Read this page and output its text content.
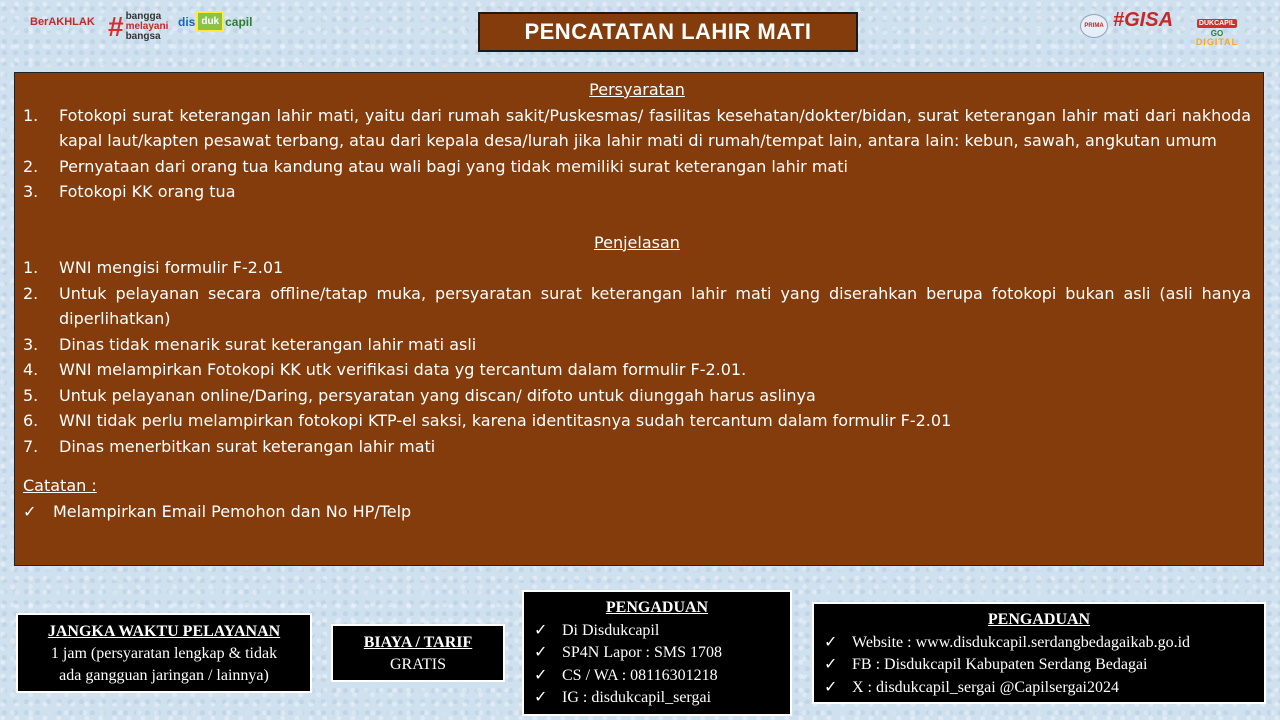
BerAKHLAK # bangga
melayani
bangsa
dis duk capil	PRIMA #GISA	DUKCAPIL
GO
DIGITAL
PENCATATAN LAHIR MATI
Persyaratan
1.	Fotokopi surat keterangan lahir mati, yaitu dari rumah sakit/Puskesmas/ fasilitas kesehatan/dokter/bidan, surat keterangan lahir mati dari nakhoda kapal laut/kapten pesawat terbang, atau dari kepala desa/lurah jika lahir mati di rumah/tempat lain, antara lain: kebun, sawah, angkutan umum
2.	Pernyataan dari orang tua kandung atau wali bagi yang tidak memiliki surat keterangan lahir mati
3.	Fotokopi KK orang tua
Penjelasan
1.	WNI mengisi formulir F-2.01
2.	Untuk pelayanan secara offline/tatap muka, persyaratan surat keterangan lahir mati yang diserahkan berupa fotokopi bukan asli (asli hanya diperlihatkan)
3.	Dinas tidak menarik surat keterangan lahir mati asli
4.	WNI melampirkan Fotokopi KK utk verifikasi data yg tercantum dalam formulir F-2.01.
5.	Untuk pelayanan online/Daring, persyaratan yang discan/ difoto untuk diunggah harus aslinya
6.	WNI tidak perlu melampirkan fotokopi KTP-el saksi, karena identitasnya sudah tercantum dalam formulir F-2.01
7.	Dinas menerbitkan surat keterangan lahir mati
Catatan :
✓	Melampirkan Email Pemohon dan No HP/Telp
JANGKA WAKTU PELAYANAN
1 jam (persyaratan lengkap & tidak
ada gangguan jaringan / lainnya)
BIAYA / TARIF
GRATIS
PENGADUAN
✓ Di Disdukcapil
✓ SP4N Lapor : SMS 1708
✓ CS / WA : 08116301218
✓ IG : disdukcapil_sergai
PENGADUAN
✓ Website : www.disdukcapil.serdangbedagaikab.go.id
✓ FB : Disdukcapil Kabupaten Serdang Bedagai
✓ X : disdukcapil_sergai @Capilsergai2024
